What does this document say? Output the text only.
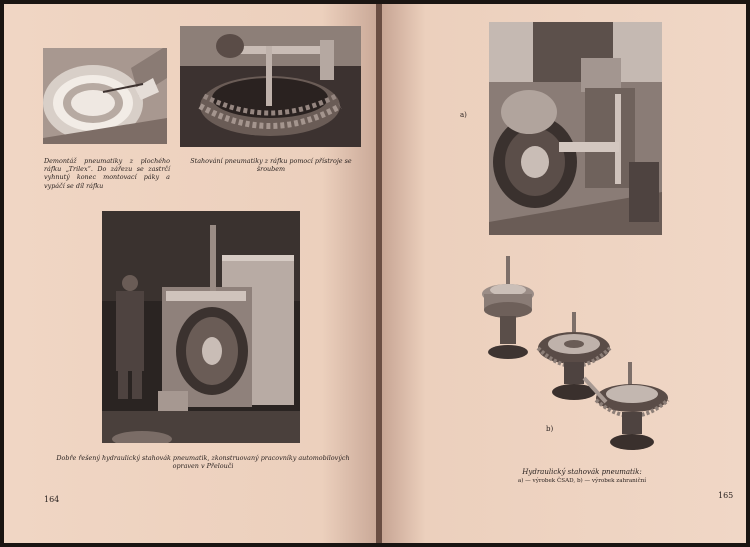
Demontáž pneumatiky z plochého ráfku „Trilex“. Do zářezu se zastrčí vyhnutý konec montovací páky a vypáčí se díl ráfku
Stahování pneumatiky z ráfku pomocí přístroje se šroubem
Dobře řešený hydraulický stahovák pneumatik, zkonstruovaný pracovníky automobilových opraven v Přelouči
164
a)
b)
Hydraulický stahovák pneumatik:
a) — výrobek ČSAD, b) — výrobek zahraniční
165
